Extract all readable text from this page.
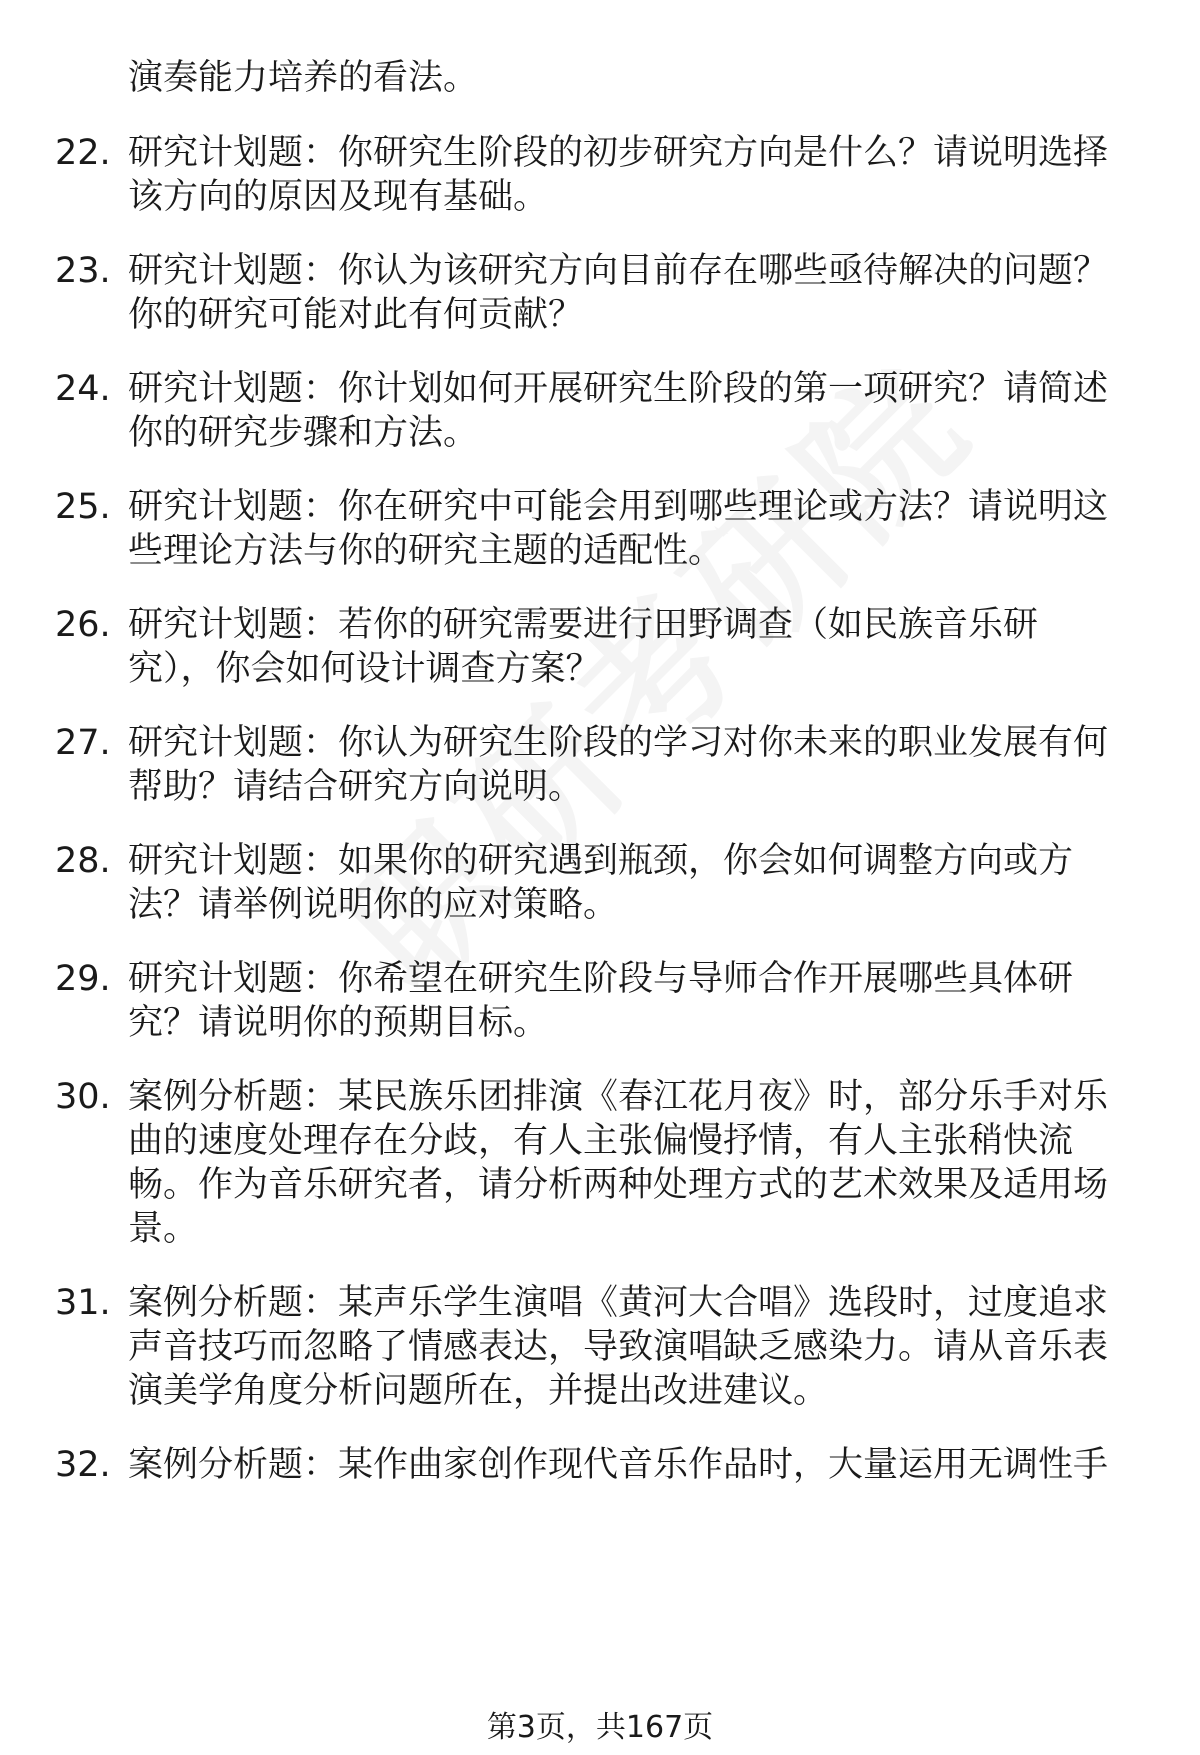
演奏能力培养的看法。
22. 研究计划题：你研究生阶段的初步研究方向是什么？请说明选择
该方向的原因及现有基础。
23. 研究计划题：你认为该研究方向目前存在哪些亟待解决的问题？
你的研究可能对此有何贡献？
24. 研究计划题：你计划如何开展研究生阶段的第一项研究？请简述
你的研究步骤和方法。
25. 研究计划题：你在研究中可能会用到哪些理论或方法？请说明这
些理论方法与你的研究主题的适配性。
26. 研究计划题：若你的研究需要进行田野调查（如民族音乐研
究），你会如何设计调查方案？
27. 研究计划题：你认为研究生阶段的学习对你未来的职业发展有何
帮助？请结合研究方向说明。
28. 研究计划题：如果你的研究遇到瓶颈，你会如何调整方向或方
法？请举例说明你的应对策略。
29. 研究计划题：你希望在研究生阶段与导师合作开展哪些具体研
究？请说明你的预期目标。
30. 案例分析题：某民族乐团排演《春江花月夜》时，部分乐手对乐
曲的速度处理存在分歧，有人主张偏慢抒情，有人主张稍快流
畅。作为音乐研究者，请分析两种处理方式的艺术效果及适用场
景。
31. 案例分析题：某声乐学生演唱《黄河大合唱》选段时，过度追求
声音技巧而忽略了情感表达，导致演唱缺乏感染力。请从音乐表
演美学角度分析问题所在，并提出改进建议。
32. 案例分析题：某作曲家创作现代音乐作品时，大量运用无调性手
第3页，共167页
